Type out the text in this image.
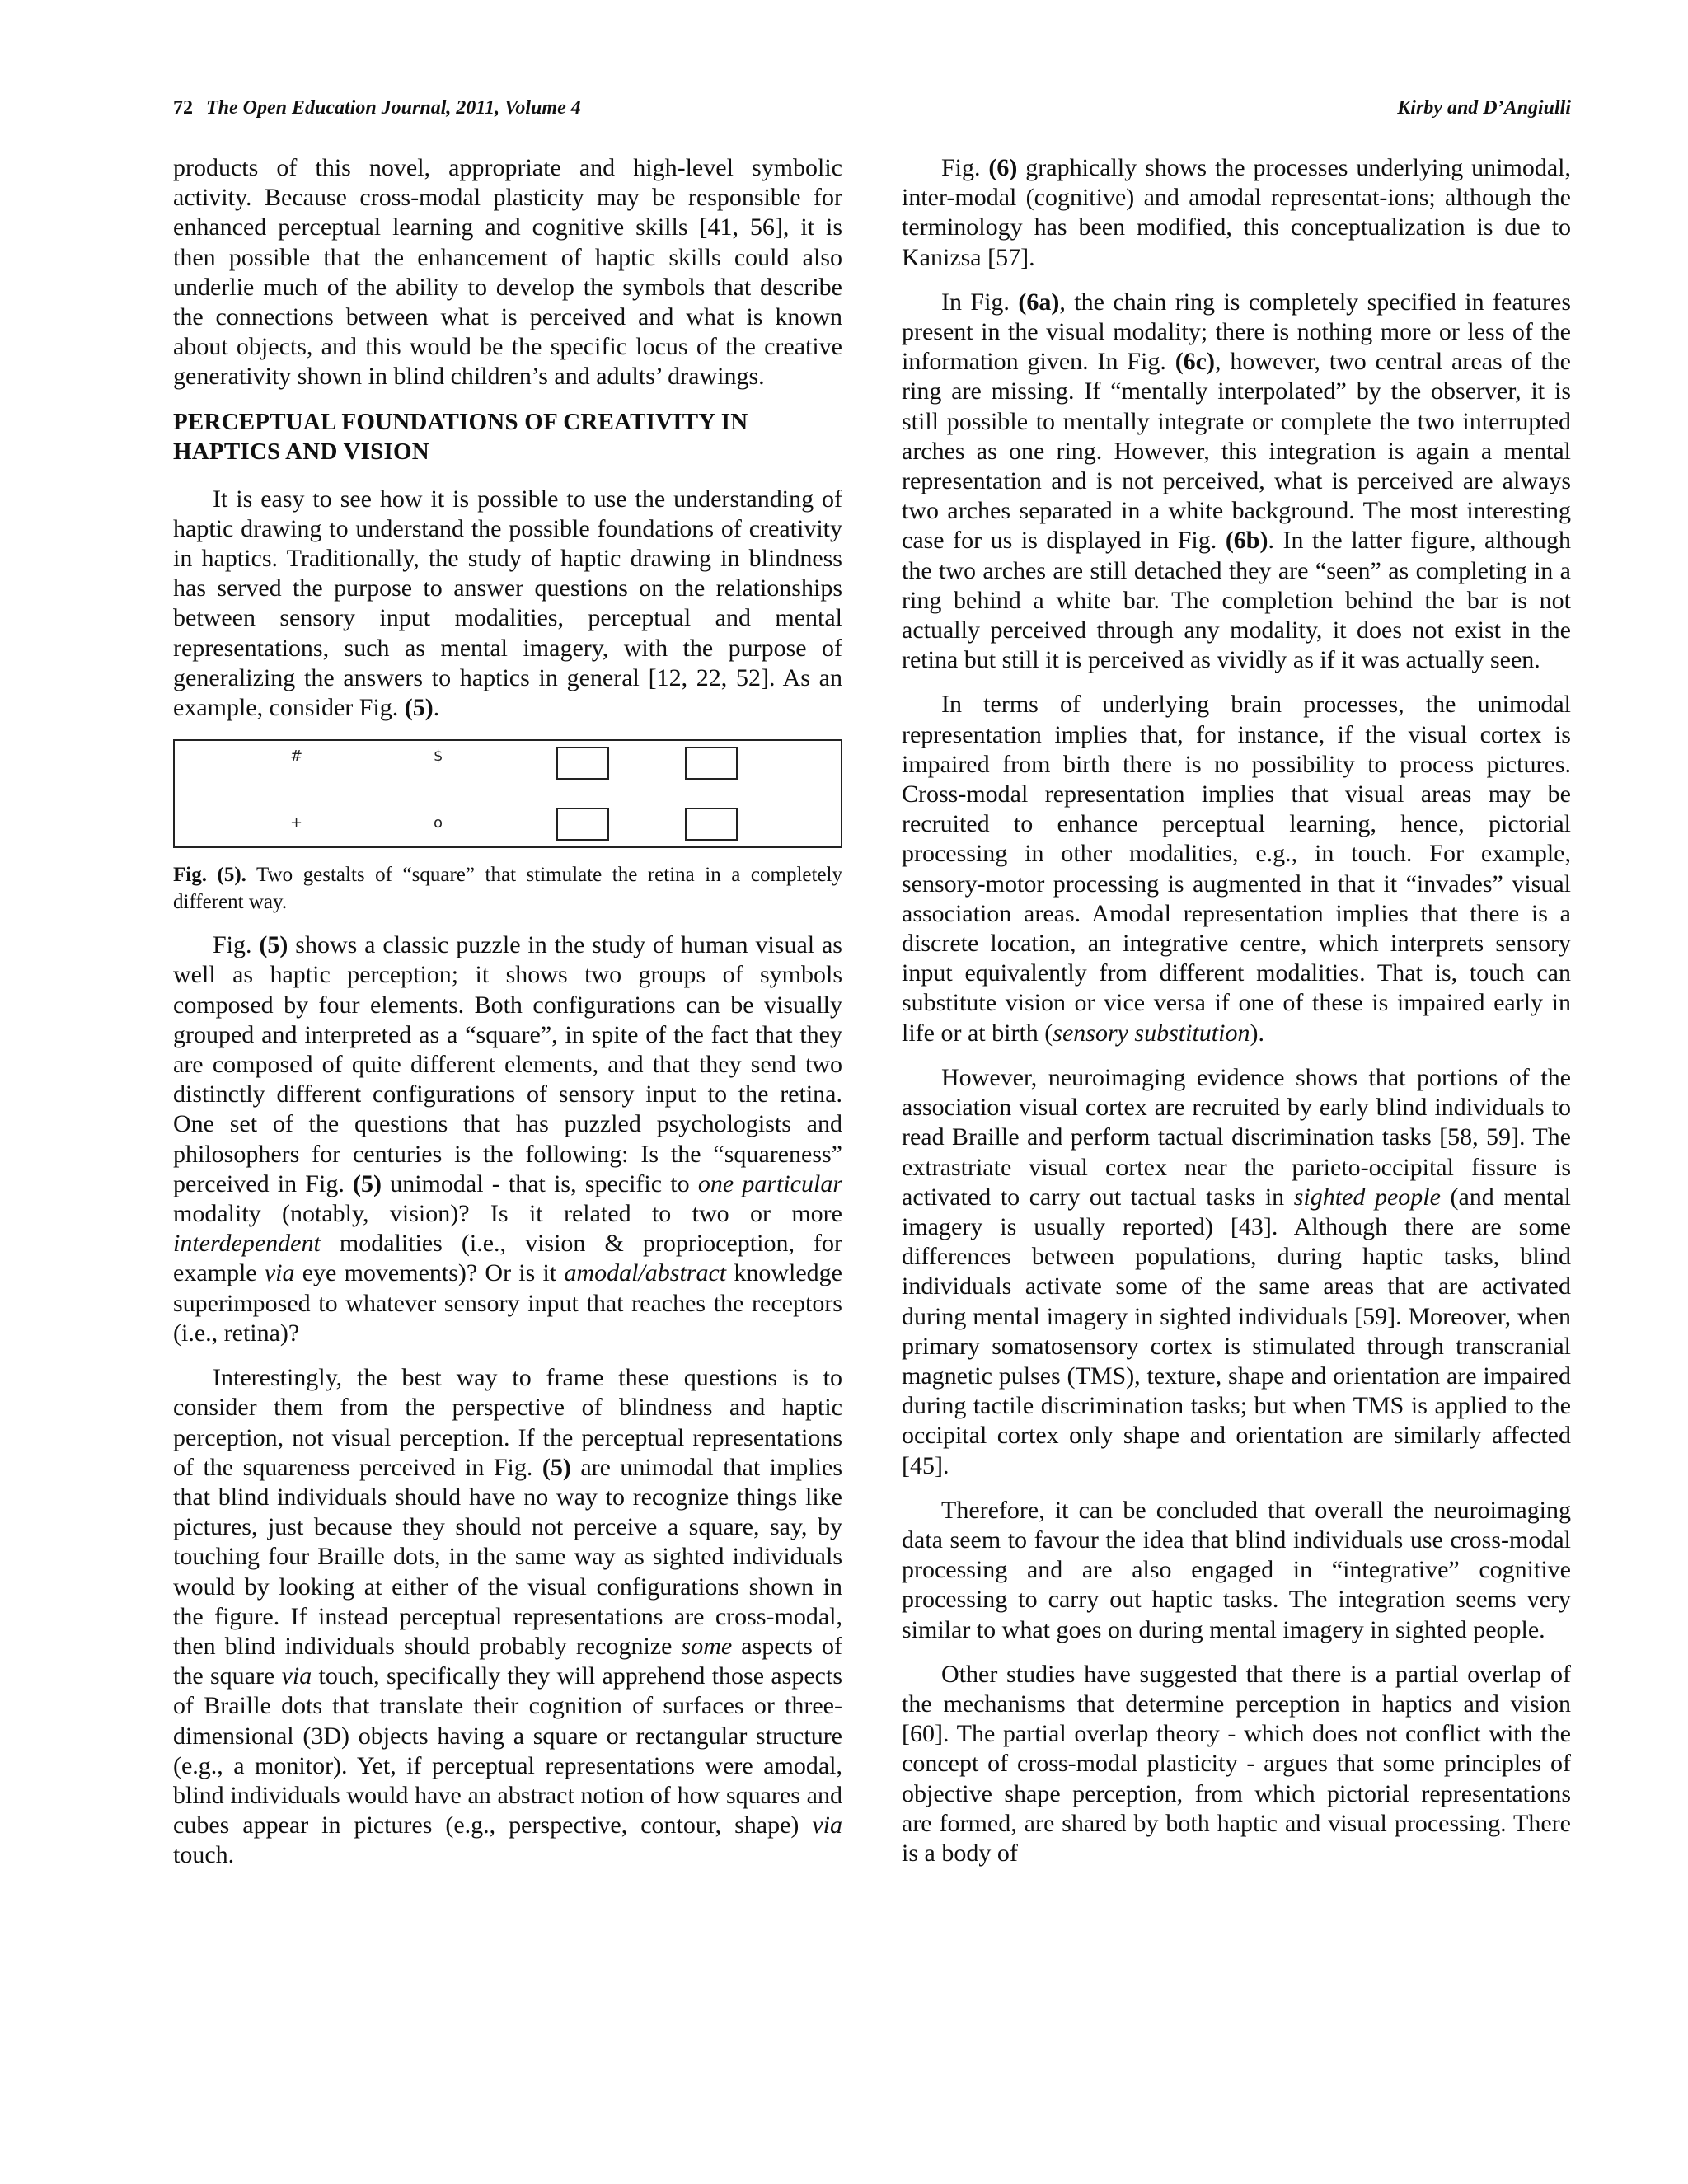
72 The Open Education Journal, 2011, Volume 4	Kirby and D’Angiulli

products of this novel, appropriate and high-level symbolic activity. Because cross-modal plasticity may be responsible for enhanced perceptual learning and cognitive skills [41, 56], it is then possible that the enhancement of haptic skills could also underlie much of the ability to develop the symbols that describe the connections between what is perceived and what is known about objects, and this would be the specific locus of the creative generativity shown in blind children’s and adults’ drawings.

PERCEPTUAL FOUNDATIONS OF CREATIVITY IN HAPTICS AND VISION

It is easy to see how it is possible to use the understanding of haptic drawing to understand the possible foundations of creativity in haptics. Traditionally, the study of haptic drawing in blindness has served the purpose to answer questions on the relationships between sensory input modalities, perceptual and mental representations, such as mental imagery, with the purpose of generalizing the answers to haptics in general [12, 22, 52]. As an example, consider Fig. (5).

#	$
+	o
Fig. (5). Two gestalts of “square” that stimulate the retina in a completely different way.

Fig. (5) shows a classic puzzle in the study of human visual as well as haptic perception; it shows two groups of symbols composed by four elements. Both configurations can be visually grouped and interpreted as a “square”, in spite of the fact that they are composed of quite different elements, and that they send two distinctly different configurations of sensory input to the retina. One set of the questions that has puzzled psychologists and philosophers for centuries is the following: Is the “squareness” perceived in Fig. (5) unimodal - that is, specific to one particular modality (notably, vision)? Is it related to two or more interdependent modalities (i.e., vision & proprioception, for example via eye movements)? Or is it amodal/abstract knowledge superimposed to whatever sensory input that reaches the receptors (i.e., retina)?

Interestingly, the best way to frame these questions is to consider them from the perspective of blindness and haptic perception, not visual perception. If the perceptual representations of the squareness perceived in Fig. (5) are unimodal that implies that blind individuals should have no way to recognize things like pictures, just because they should not perceive a square, say, by touching four Braille dots, in the same way as sighted individuals would by looking at either of the visual configurations shown in the figure. If instead perceptual representations are cross-modal, then blind individuals should probably recognize some aspects of the square via touch, specifically they will apprehend those aspects of Braille dots that translate their cognition of surfaces or three-dimensional (3D) objects having a square or rectangular structure (e.g., a monitor). Yet, if perceptual representations were amodal, blind individuals would have an abstract notion of how squares and cubes appear in pictures (e.g., perspective, contour, shape) via touch.

Fig. (6) graphically shows the processes underlying unimodal, inter-modal (cognitive) and amodal representat-ions; although the terminology has been modified, this conceptualization is due to Kanizsa [57].

In Fig. (6a), the chain ring is completely specified in features present in the visual modality; there is nothing more or less of the information given. In Fig. (6c), however, two central areas of the ring are missing. If “mentally interpolated” by the observer, it is still possible to mentally integrate or complete the two interrupted arches as one ring. However, this integration is again a mental representation and is not perceived, what is perceived are always two arches separated in a white background. The most interesting case for us is displayed in Fig. (6b). In the latter figure, although the two arches are still detached they are “seen” as completing in a ring behind a white bar. The completion behind the bar is not actually perceived through any modality, it does not exist in the retina but still it is perceived as vividly as if it was actually seen.

In terms of underlying brain processes, the unimodal representation implies that, for instance, if the visual cortex is impaired from birth there is no possibility to process pictures. Cross-modal representation implies that visual areas may be recruited to enhance perceptual learning, hence, pictorial processing in other modalities, e.g., in touch. For example, sensory-motor processing is augmented in that it “invades” visual association areas. Amodal representation implies that there is a discrete location, an integrative centre, which interprets sensory input equivalently from different modalities. That is, touch can substitute vision or vice versa if one of these is impaired early in life or at birth (sensory substitution).

However, neuroimaging evidence shows that portions of the association visual cortex are recruited by early blind individuals to read Braille and perform tactual discrimination tasks [58, 59]. The extrastriate visual cortex near the parieto-occipital fissure is activated to carry out tactual tasks in sighted people (and mental imagery is usually reported) [43]. Although there are some differences between populations, during haptic tasks, blind individuals activate some of the same areas that are activated during mental imagery in sighted individuals [59]. Moreover, when primary somatosensory cortex is stimulated through transcranial magnetic pulses (TMS), texture, shape and orientation are impaired during tactile discrimination tasks; but when TMS is applied to the occipital cortex only shape and orientation are similarly affected [45].

Therefore, it can be concluded that overall the neuroimaging data seem to favour the idea that blind individuals use cross-modal processing and are also engaged in “integrative” cognitive processing to carry out haptic tasks. The integration seems very similar to what goes on during mental imagery in sighted people.

Other studies have suggested that there is a partial overlap of the mechanisms that determine perception in haptics and vision [60]. The partial overlap theory - which does not conflict with the concept of cross-modal plasticity - argues that some principles of objective shape perception, from which pictorial representations are formed, are shared by both haptic and visual processing. There is a body of
